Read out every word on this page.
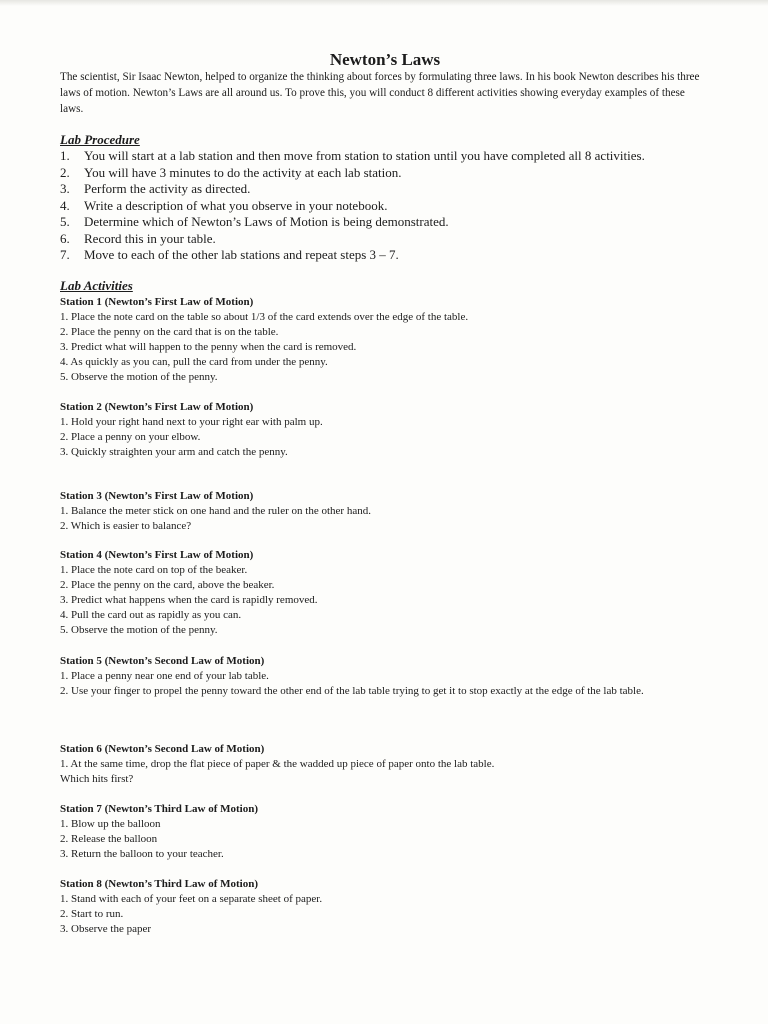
Newton’s Laws
The scientist, Sir Isaac Newton, helped to organize the thinking about forces by formulating three laws. In his book Newton describes his three laws of motion. Newton’s Laws are all around us. To prove this, you will conduct 8 different activities showing everyday examples of these laws.
Lab Procedure
1. You will start at a lab station and then move from station to station until you have completed all 8 activities.
2. You will have 3 minutes to do the activity at each lab station.
3. Perform the activity as directed.
4. Write a description of what you observe in your notebook.
5. Determine which of Newton’s Laws of Motion is being demonstrated.
6. Record this in your table.
7. Move to each of the other lab stations and repeat steps 3 – 7.
Lab Activities
Station 1 (Newton’s First Law of Motion)
1. Place the note card on the table so about 1/3 of the card extends over the edge of the table.
2. Place the penny on the card that is on the table.
3. Predict what will happen to the penny when the card is removed.
4. As quickly as you can, pull the card from under the penny.
5. Observe the motion of the penny.
Station 2 (Newton’s First Law of Motion)
1. Hold your right hand next to your right ear with palm up.
2. Place a penny on your elbow.
3. Quickly straighten your arm and catch the penny.
Station 3 (Newton’s First Law of Motion)
1. Balance the meter stick on one hand and the ruler on the other hand.
2. Which is easier to balance?
Station 4 (Newton’s First Law of Motion)
1. Place the note card on top of the beaker.
2. Place the penny on the card, above the beaker.
3. Predict what happens when the card is rapidly removed.
4. Pull the card out as rapidly as you can.
5. Observe the motion of the penny.
Station 5 (Newton’s Second Law of Motion)
1. Place a penny near one end of your lab table.
2. Use your finger to propel the penny toward the other end of the lab table trying to get it to stop exactly at the edge of the lab table.
Station 6 (Newton’s Second Law of Motion)
1. At the same time, drop the flat piece of paper & the wadded up piece of paper onto the lab table.
Which hits first?
Station 7 (Newton’s Third Law of Motion)
1. Blow up the balloon
2. Release the balloon
3. Return the balloon to your teacher.
Station 8 (Newton’s Third Law of Motion)
1. Stand with each of your feet on a separate sheet of paper.
2. Start to run.
3. Observe the paper
